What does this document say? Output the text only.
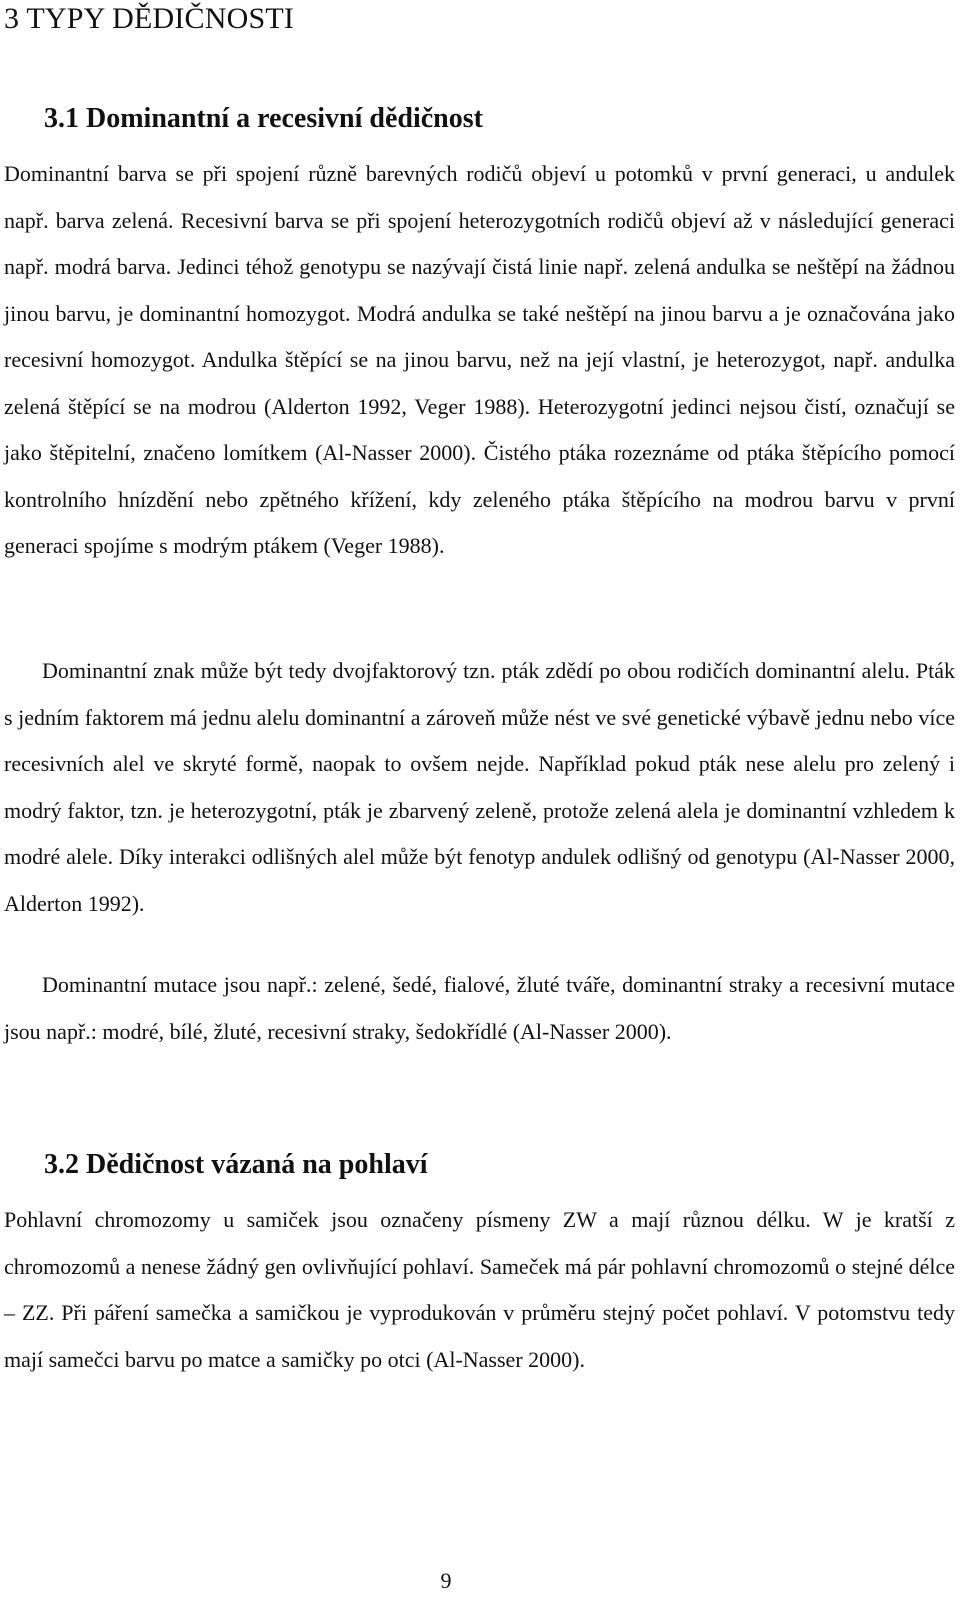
3 TYPY DĚDIČNOSTI
3.1 Dominantní a recesivní dědičnost

Dominantní barva se při spojení různě barevných rodičů objeví u potomků v první generaci, u andulek např. barva zelená. Recesivní barva se při spojení heterozygotních rodičů objeví až v následující generaci např. modrá barva. Jedinci téhož genotypu se nazývají čistá linie např. zelená andulka se neštěpí na žádnou jinou barvu, je dominantní homozygot. Modrá andulka se také neštěpí na jinou barvu a je označována jako recesivní homozygot. Andulka štěpící se na jinou barvu, než na její vlastní, je heterozygot, např. andulka zelená štěpící se na modrou (Alderton 1992, Veger 1988). Heterozygotní jedinci nejsou čistí, označují se jako štěpitelní, značeno lomítkem (Al-Nasser 2000). Čistého ptáka rozeznáme od ptáka štěpícího pomocí kontrolního hnízdění nebo zpětného křížení, kdy zeleného ptáka štěpícího na modrou barvu v první generaci spojíme s modrým ptákem (Veger 1988).

Dominantní znak může být tedy dvojfaktorový tzn. pták zdědí po obou rodičích dominantní alelu. Pták s jedním faktorem má jednu alelu dominantní a zároveň může nést ve své genetické výbavě jednu nebo více recesivních alel ve skryté formě, naopak to ovšem nejde. Například pokud pták nese alelu pro zelený i modrý faktor, tzn. je heterozygotní, pták je zbarvený zeleně, protože zelená alela je dominantní vzhledem k modré alele. Díky interakci odlišných alel může být fenotyp andulek odlišný od genotypu (Al-Nasser 2000, Alderton 1992).

Dominantní mutace jsou např.: zelené, šedé, fialové, žluté tváře, dominantní straky a recesivní mutace jsou např.: modré, bílé, žluté, recesivní straky, šedokřídlé (Al-Nasser 2000).

3.2 Dědičnost vázaná na pohlaví

Pohlavní chromozomy u samiček jsou označeny písmeny ZW a mají různou délku. W je kratší z chromozomů a nenese žádný gen ovlivňující pohlaví. Sameček má pár pohlavní chromozomů o stejné délce – ZZ. Při páření samečka a samičkou je vyprodukován v průměru stejný počet pohlaví. V potomstvu tedy mají samečci barvu po matce a samičky po otci (Al-Nasser 2000).

9
